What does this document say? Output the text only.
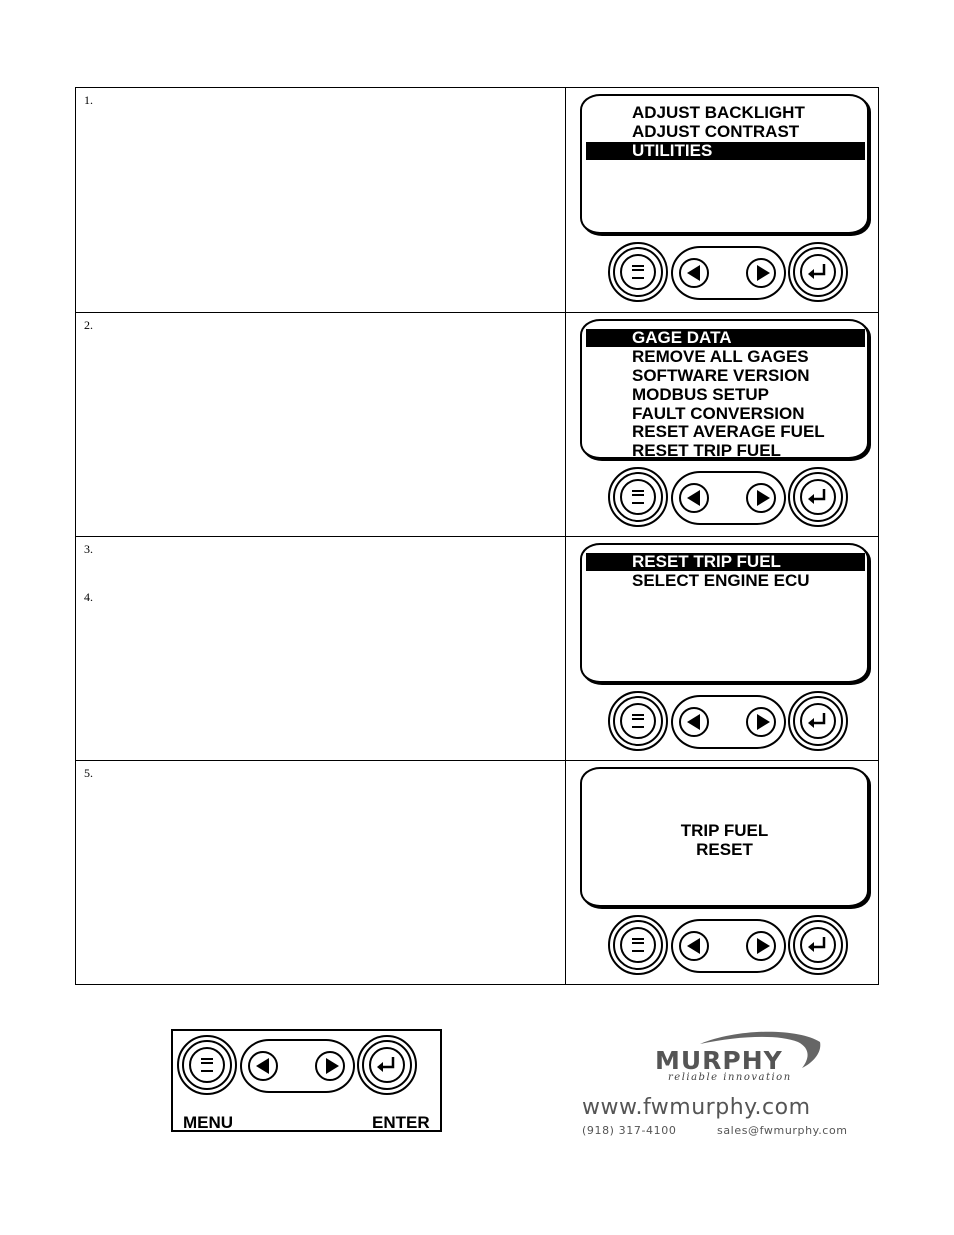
1.
ADJUST BACKLIGHT
ADJUST CONTRAST
UTILITIES
2.
GAGE DATA
REMOVE ALL GAGES
SOFTWARE VERSION
MODBUS SETUP
FAULT CONVERSION
RESET AVERAGE FUEL
RESET TRIP FUEL
3.
4.
RESET TRIP FUEL
SELECT ENGINE ECU
5.
TRIP FUEL
RESET
MENU	ENTER
MURPHY
reliable innovation
www.fwmurphy.com
(918) 317-4100	sales@fwmurphy.com
